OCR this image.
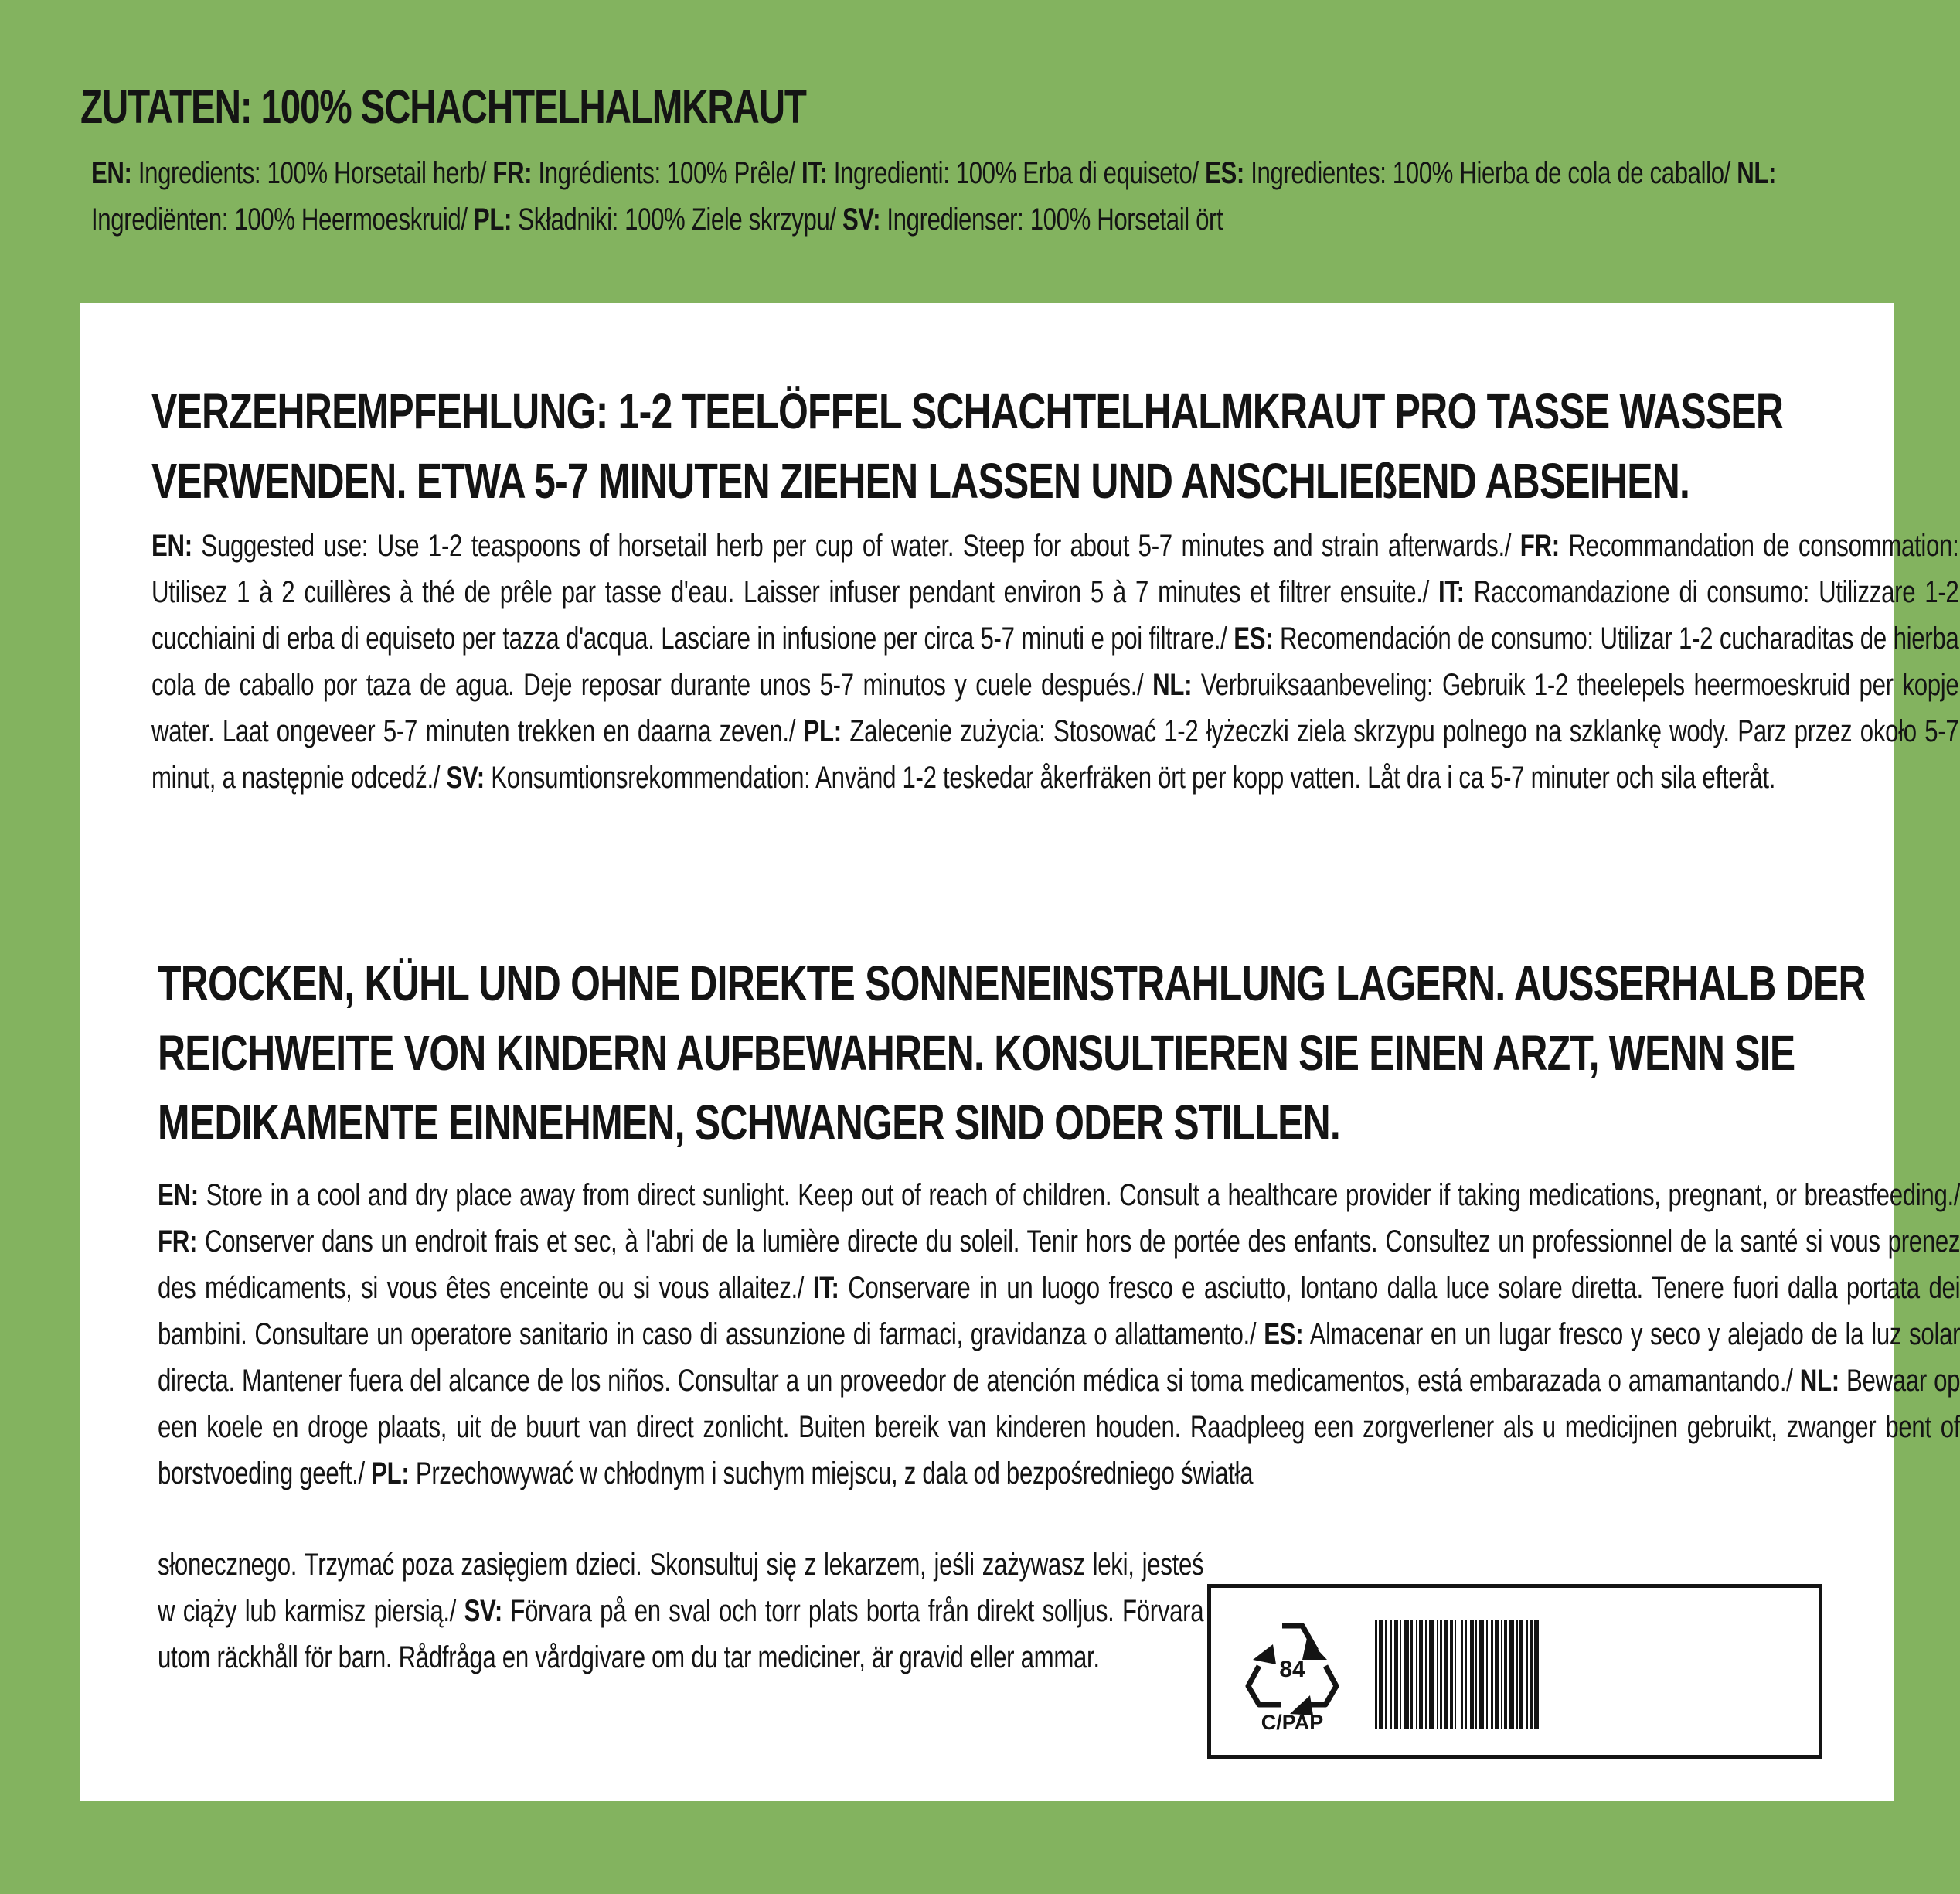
ZUTATEN: 100% SCHACHTELHALMKRAUT
EN: Ingredients: 100% Horsetail herb/ FR: Ingrédients: 100% Prêle/ IT: Ingredienti: 100% Erba di equiseto/ ES: Ingredientes: 100% Hierba de cola de caballo/ NL: Ingrediënten: 100% Heermoeskruid/ PL: Składniki: 100% Ziele skrzypu/ SV: Ingredienser: 100% Horsetail ört
VERZEHREMPFEHLUNG: 1-2 TEELÖFFEL SCHACHTELHALMKRAUT PRO TASSE WASSER VERWENDEN. ETWA 5-7 MINUTEN ZIEHEN LASSEN UND ANSCHLIEßEND ABSEIHEN.
EN: Suggested use: Use 1-2 teaspoons of horsetail herb per cup of water. Steep for about 5-7 minutes and strain afterwards./ FR: Recommandation de consommation: Utilisez 1 à 2 cuillères à thé de prêle par tasse d'eau. Laisser infuser pendant environ 5 à 7 minutes et filtrer ensuite./ IT: Raccomandazione di consumo: Utilizzare 1-2 cucchiaini di erba di equiseto per tazza d'acqua. Lasciare in infusione per circa 5-7 minuti e poi filtrare./ ES: Recomendación de consumo: Utilizar 1-2 cucharaditas de hierba cola de caballo por taza de agua. Deje reposar durante unos 5-7 minutos y cuele después./ NL: Verbruiksaanbeveling: Gebruik 1-2 theelepels heermoeskruid per kopje water. Laat ongeveer 5-7 minuten trekken en daarna zeven./ PL: Zalecenie zużycia: Stosować 1-2 łyżeczki ziela skrzypu polnego na szklankę wody. Parz przez około 5-7 minut, a następnie odcedź./ SV: Konsumtionsrekommendation: Använd 1-2 teskedar åkerfräken ört per kopp vatten. Låt dra i ca 5-7 minuter och sila efteråt.
TROCKEN, KÜHL UND OHNE DIREKTE SONNENEINSTRAHLUNG LAGERN. AUSSERHALB DER REICHWEITE VON KINDERN AUFBEWAHREN. KONSULTIEREN SIE EINEN ARZT, WENN SIE MEDIKAMENTE EINNEHMEN, SCHWANGER SIND ODER STILLEN.
EN: Store in a cool and dry place away from direct sunlight. Keep out of reach of children. Consult a healthcare provider if taking medications, pregnant, or breastfeeding./ FR: Conserver dans un endroit frais et sec, à l'abri de la lumière directe du soleil. Tenir hors de portée des enfants. Consultez un professionnel de la santé si vous prenez des médicaments, si vous êtes enceinte ou si vous allaitez./ IT: Conservare in un luogo fresco e asciutto, lontano dalla luce solare diretta. Tenere fuori dalla portata dei bambini. Consultare un operatore sanitario in caso di assunzione di farmaci, gravidanza o allattamento./ ES: Almacenar en un lugar fresco y seco y alejado de la luz solar directa. Mantener fuera del alcance de los niños. Consultar a un proveedor de atención médica si toma medicamentos, está embarazada o amamantando./ NL: Bewaar op een koele en droge plaats, uit de buurt van direct zonlicht. Buiten bereik van kinderen houden. Raadpleeg een zorgverlener als u medicijnen gebruikt, zwanger bent of borstvoeding geeft./ PL: Przechowywać w chłodnym i suchym miejscu, z dala od bezpośredniego światła
słonecznego. Trzymać poza zasięgiem dzieci. Skonsultuj się z lekarzem, jeśli zażywasz leki, jesteś w ciąży lub karmisz piersią./ SV: Förvara på en sval och torr plats borta från direkt solljus. Förvara utom räckhåll för barn. Rådfråga en vårdgivare om du tar mediciner, är gravid eller ammar.	84
C/PAP
